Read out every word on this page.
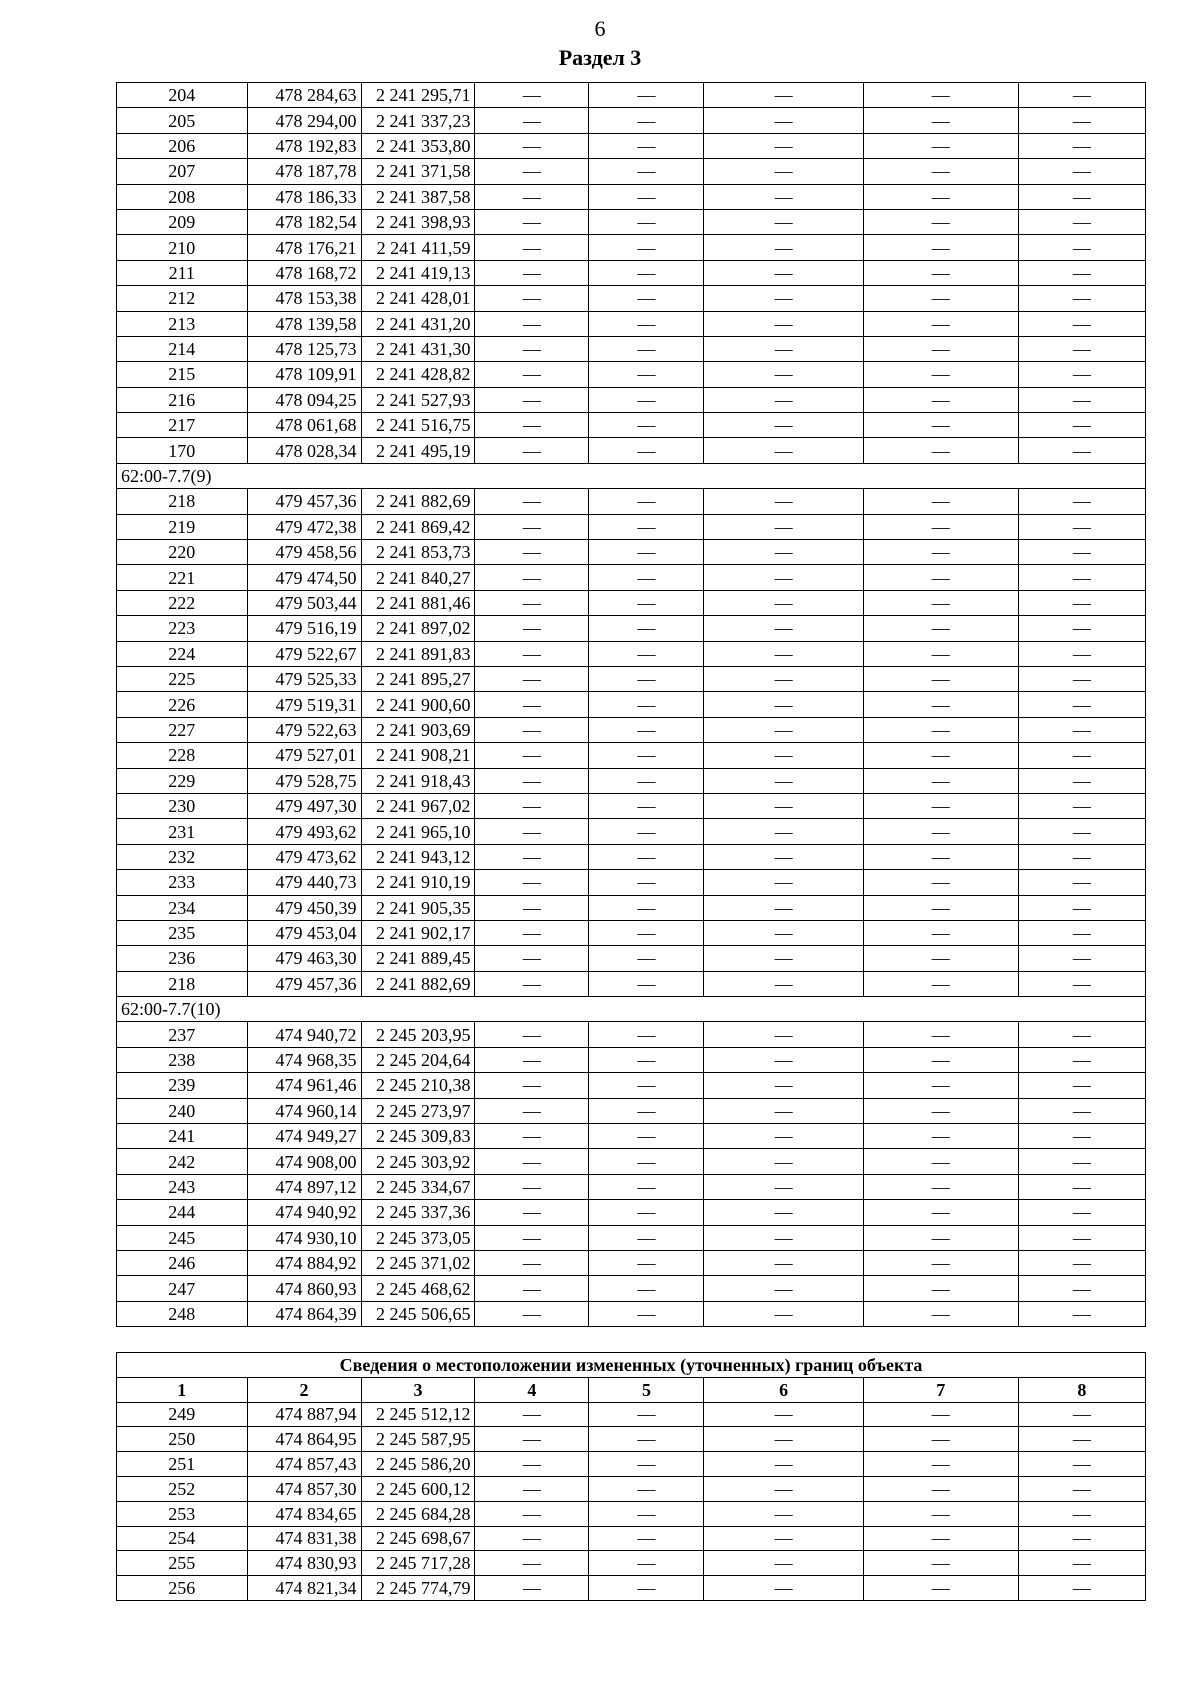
6
Раздел 3
204	478 284,63	2 241 295,71	—	—	—	—	—
205	478 294,00	2 241 337,23	—	—	—	—	—
206	478 192,83	2 241 353,80	—	—	—	—	—
207	478 187,78	2 241 371,58	—	—	—	—	—
208	478 186,33	2 241 387,58	—	—	—	—	—
209	478 182,54	2 241 398,93	—	—	—	—	—
210	478 176,21	2 241 411,59	—	—	—	—	—
211	478 168,72	2 241 419,13	—	—	—	—	—
212	478 153,38	2 241 428,01	—	—	—	—	—
213	478 139,58	2 241 431,20	—	—	—	—	—
214	478 125,73	2 241 431,30	—	—	—	—	—
215	478 109,91	2 241 428,82	—	—	—	—	—
216	478 094,25	2 241 527,93	—	—	—	—	—
217	478 061,68	2 241 516,75	—	—	—	—	—
170	478 028,34	2 241 495,19	—	—	—	—	—
62:00-7.7(9)							
218	479 457,36	2 241 882,69	—	—	—	—	—
219	479 472,38	2 241 869,42	—	—	—	—	—
220	479 458,56	2 241 853,73	—	—	—	—	—
221	479 474,50	2 241 840,27	—	—	—	—	—
222	479 503,44	2 241 881,46	—	—	—	—	—
223	479 516,19	2 241 897,02	—	—	—	—	—
224	479 522,67	2 241 891,83	—	—	—	—	—
225	479 525,33	2 241 895,27	—	—	—	—	—
226	479 519,31	2 241 900,60	—	—	—	—	—
227	479 522,63	2 241 903,69	—	—	—	—	—
228	479 527,01	2 241 908,21	—	—	—	—	—
229	479 528,75	2 241 918,43	—	—	—	—	—
230	479 497,30	2 241 967,02	—	—	—	—	—
231	479 493,62	2 241 965,10	—	—	—	—	—
232	479 473,62	2 241 943,12	—	—	—	—	—
233	479 440,73	2 241 910,19	—	—	—	—	—
234	479 450,39	2 241 905,35	—	—	—	—	—
235	479 453,04	2 241 902,17	—	—	—	—	—
236	479 463,30	2 241 889,45	—	—	—	—	—
218	479 457,36	2 241 882,69	—	—	—	—	—
62:00-7.7(10)							
237	474 940,72	2 245 203,95	—	—	—	—	—
238	474 968,35	2 245 204,64	—	—	—	—	—
239	474 961,46	2 245 210,38	—	—	—	—	—
240	474 960,14	2 245 273,97	—	—	—	—	—
241	474 949,27	2 245 309,83	—	—	—	—	—
242	474 908,00	2 245 303,92	—	—	—	—	—
243	474 897,12	2 245 334,67	—	—	—	—	—
244	474 940,92	2 245 337,36	—	—	—	—	—
245	474 930,10	2 245 373,05	—	—	—	—	—
246	474 884,92	2 245 371,02	—	—	—	—	—
247	474 860,93	2 245 468,62	—	—	—	—	—
248	474 864,39	2 245 506,65	—	—	—	—	—
Сведения о местоположении измененных (уточненных) границ объекта							
1	2	3	4	5	6	7	8
249	474 887,94	2 245 512,12	—	—	—	—	—
250	474 864,95	2 245 587,95	—	—	—	—	—
251	474 857,43	2 245 586,20	—	—	—	—	—
252	474 857,30	2 245 600,12	—	—	—	—	—
253	474 834,65	2 245 684,28	—	—	—	—	—
254	474 831,38	2 245 698,67	—	—	—	—	—
255	474 830,93	2 245 717,28	—	—	—	—	—
256	474 821,34	2 245 774,79	—	—	—	—	—
